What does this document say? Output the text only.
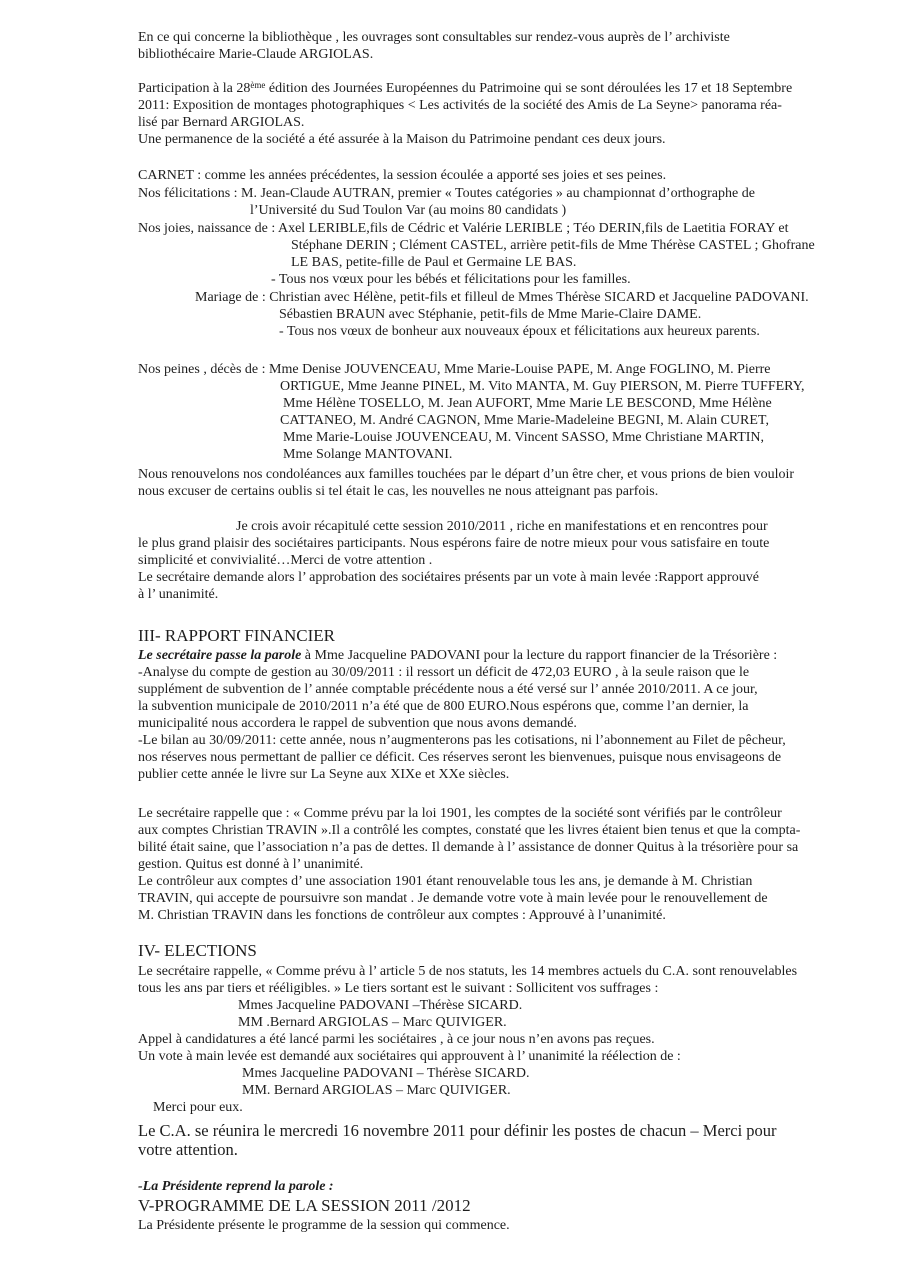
En ce qui concerne la bibliothèque , les ouvrages sont consultables sur rendez-vous auprès de l’ archiviste
bibliothécaire Marie-Claude ARGIOLAS.
Participation à la 28ème édition des Journées Européennes du Patrimoine qui se sont déroulées les 17 et 18 Septembre
2011: Exposition de montages photographiques < Les activités de la société des Amis de La Seyne> panorama réa-
lisé par Bernard ARGIOLAS.
Une permanence de la société a été assurée à la Maison du Patrimoine pendant ces deux jours.
CARNET : comme les années précédentes, la session écoulée a apporté ses joies et ses peines.
Nos félicitations : M. Jean-Claude AUTRAN, premier « Toutes catégories » au championnat d’orthographe de
l’Université du Sud Toulon Var (au moins 80 candidats )
Nos joies, naissance de : Axel LERIBLE,fils de Cédric et Valérie LERIBLE ; Téo DERIN,fils de Laetitia FORAY et
Stéphane DERIN ; Clément CASTEL, arrière petit-fils de Mme Thérèse CASTEL ; Ghofrane
LE BAS, petite-fille de Paul et Germaine LE BAS.
- Tous nos vœux pour les bébés et félicitations pour les familles.
Mariage de : Christian avec Hélène, petit-fils et filleul de Mmes Thérèse SICARD et Jacqueline PADOVANI.
Sébastien BRAUN avec Stéphanie, petit-fils de Mme Marie-Claire DAME.
- Tous nos vœux de bonheur aux nouveaux époux et félicitations aux heureux parents.
Nos peines , décès de : Mme Denise JOUVENCEAU, Mme Marie-Louise PAPE, M. Ange FOGLINO, M. Pierre
ORTIGUE, Mme Jeanne PINEL, M. Vito MANTA, M. Guy PIERSON, M. Pierre TUFFERY,
Mme Hélène TOSELLO, M. Jean AUFORT, Mme Marie LE BESCOND, Mme Hélène
CATTANEO, M. André CAGNON, Mme Marie-Madeleine BEGNI, M. Alain CURET,
Mme Marie-Louise JOUVENCEAU, M. Vincent SASSO, Mme Christiane MARTIN,
Mme Solange MANTOVANI.
Nous renouvelons nos condoléances aux familles touchées par le départ d’un être cher, et vous prions de bien vouloir
nous excuser de certains oublis si tel était le cas, les nouvelles ne nous atteignant pas parfois.
Je crois avoir récapitulé cette session 2010/2011 , riche en manifestations et en rencontres pour
le plus grand plaisir des sociétaires participants. Nous espérons faire de notre mieux pour vous satisfaire en toute
simplicité et convivialité…Merci de votre attention .
Le secrétaire demande alors l’ approbation des sociétaires présents par un vote à main levée :Rapport approuvé
à l’ unanimité.
III- RAPPORT FINANCIER
Le secrétaire passe la parole à Mme Jacqueline PADOVANI pour la lecture du rapport financier de la Trésorière :
-Analyse du compte de gestion au 30/09/2011 : il ressort un déficit de 472,03 EURO , à la seule raison que le
supplément de subvention de l’ année comptable précédente nous a été versé sur l’ année 2010/2011. A ce jour,
la subvention municipale de 2010/2011 n’a été que de 800 EURO.Nous espérons que, comme l’an dernier, la
municipalité nous accordera le rappel de subvention que nous avons demandé.
-Le bilan au 30/09/2011: cette année, nous n’augmenterons pas les cotisations, ni l’abonnement au Filet de pêcheur,
nos réserves nous permettant de pallier ce déficit. Ces réserves seront les bienvenues, puisque nous envisageons de
publier cette année le livre sur La Seyne aux XIXe et XXe siècles.
Le secrétaire rappelle que : « Comme prévu par la loi 1901, les comptes de la société sont vérifiés par le contrôleur
aux comptes Christian TRAVIN ».Il a contrôlé les comptes, constaté que les livres étaient bien tenus et que la compta-
bilité était saine, que l’association n’a pas de dettes. Il demande à l’ assistance de donner Quitus à la trésorière pour sa
gestion. Quitus est donné à l’ unanimité.
Le contrôleur aux comptes d’ une association 1901 étant renouvelable tous les ans, je demande à M. Christian
TRAVIN, qui accepte de poursuivre son mandat . Je demande votre vote à main levée pour le renouvellement de
M. Christian TRAVIN dans les fonctions de contrôleur aux comptes : Approuvé à l’unanimité.
IV- ELECTIONS
Le secrétaire rappelle, « Comme prévu à l’ article 5 de nos statuts, les 14 membres actuels du C.A. sont renouvelables
tous les ans par tiers et rééligibles. » Le tiers sortant est le suivant : Sollicitent vos suffrages :
Mmes Jacqueline PADOVANI –Thérèse SICARD.
MM .Bernard ARGIOLAS – Marc QUIVIGER.
Appel à candidatures a été lancé parmi les sociétaires , à ce jour nous n’en avons pas reçues.
Un vote à main levée est demandé aux sociétaires qui approuvent à l’ unanimité la réélection de :
Mmes Jacqueline PADOVANI – Thérèse SICARD.
MM. Bernard ARGIOLAS – Marc QUIVIGER.
Merci pour eux.
Le C.A. se réunira le mercredi 16 novembre 2011 pour définir les postes de chacun – Merci pour
votre attention.
-La Présidente reprend la parole :
V-PROGRAMME DE LA SESSION 2011 /2012
La Présidente présente le programme de la session qui commence.
